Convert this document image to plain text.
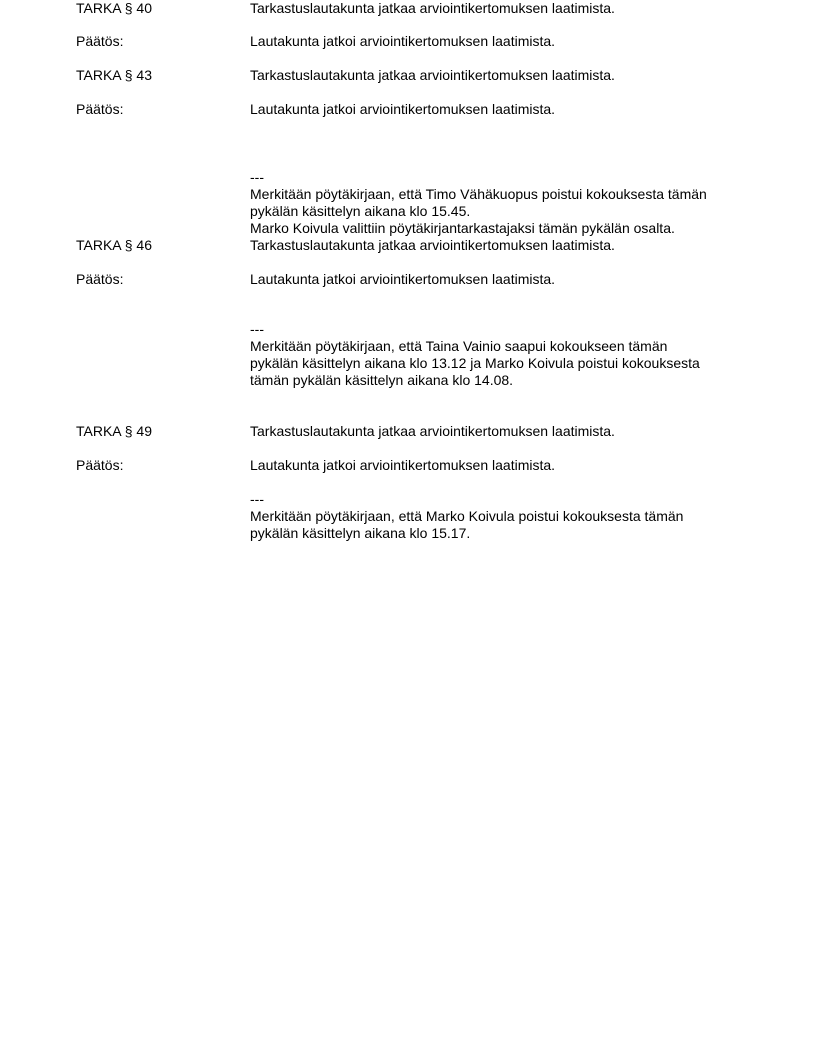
TARKA § 40	Tarkastuslautakunta jatkaa arviointikertomuksen laatimista.
Päätös:	Lautakunta jatkoi arviointikertomuksen laatimista.
TARKA § 43	Tarkastuslautakunta jatkaa arviointikertomuksen laatimista.
Päätös:	Lautakunta jatkoi arviointikertomuksen laatimista.
---
Merkitään pöytäkirjaan, että Timo Vähäkuopus poistui kokouksesta tämän
pykälän käsittelyn aikana klo 15.45.
Marko Koivula valittiin pöytäkirjantarkastajaksi tämän pykälän osalta.
TARKA § 46	Tarkastuslautakunta jatkaa arviointikertomuksen laatimista.
Päätös:	Lautakunta jatkoi arviointikertomuksen laatimista.
---
Merkitään pöytäkirjaan, että Taina Vainio saapui kokoukseen tämän
pykälän käsittelyn aikana klo 13.12 ja Marko Koivula poistui kokouksesta
tämän pykälän käsittelyn aikana klo 14.08.
TARKA § 49	Tarkastuslautakunta jatkaa arviointikertomuksen laatimista.
Päätös:	Lautakunta jatkoi arviointikertomuksen laatimista.
---
Merkitään pöytäkirjaan, että Marko Koivula poistui kokouksesta tämän
pykälän käsittelyn aikana klo 15.17.
